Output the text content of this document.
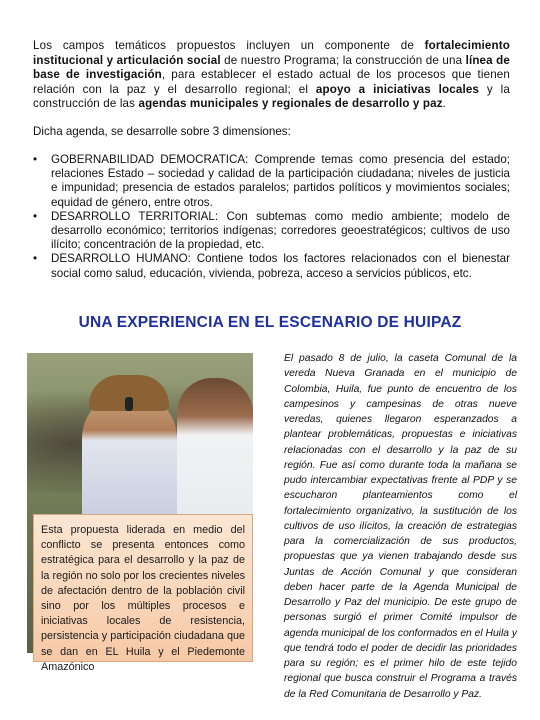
Los campos temáticos propuestos incluyen un componente de fortalecimiento institucional y articulación social de nuestro Programa; la construcción de una línea de base de investigación, para establecer el estado actual de los procesos que tienen relación con la paz y el desarrollo regional; el apoyo a iniciativas locales y la construcción de las agendas municipales y regionales de desarrollo y paz.

Dicha agenda, se desarrolle sobre 3 dimensiones:

• GOBERNABILIDAD DEMOCRATICA: Comprende temas como presencia del estado; relaciones Estado – sociedad y calidad de la participación ciudadana; niveles de justicia e impunidad; presencia de estados paralelos; partidos políticos y movimientos sociales; equidad de género, entre otros.
• DESARROLLO TERRITORIAL: Con subtemas como medio ambiente; modelo de desarrollo económico; territorios indígenas; corredores geoestratégicos; cultivos de uso ilícito; concentración de la propiedad, etc.
• DESARROLLO HUMANO: Contiene todos los factores relacionados con el bienestar social como salud, educación, vivienda, pobreza, acceso a servicios públicos, etc.
UNA EXPERIENCIA EN EL ESCENARIO DE HUIPAZ
Esta propuesta liderada en medio del conflicto se presenta entonces como estratégica para el desarrollo y la paz de la región no solo por los crecientes niveles de afectación dentro de la población civil sino por los múltiples procesos e iniciativas locales de resistencia, persistencia y participación ciudadana que se dan en EL Huila y el Piedemonte Amazónico

El pasado 8 de julio, la caseta Comunal de la vereda Nueva Granada en el municipio de Colombia, Huila, fue punto de encuentro de los campesinos y campesinas de otras nueve veredas, quienes llegaron esperanzados a plantear problemáticas, propuestas e iniciativas relacionadas con el desarrollo y la paz de su región. Fue así como durante toda la mañana se pudo intercambiar expectativas frente al PDP y se escucharon planteamientos como el fortalecimiento organizativo, la sustitución de los cultivos de uso ilícitos, la creación de estrategias para la comercialización de sus productos, propuestas que ya vienen trabajando desde sus Juntas de Acción Comunal y que consideran deben hacer parte de la Agenda Municipal de Desarrollo y Paz del municipio. De este grupo de personas surgió el primer Comité impulsor de agenda municipal de los conformados en el Huila y que tendrá todo el poder de decidir las prioridades para su región; es el primer hilo de este tejido regional que busca construir el Programa a través de la Red Comunitaria de Desarrollo y Paz.
